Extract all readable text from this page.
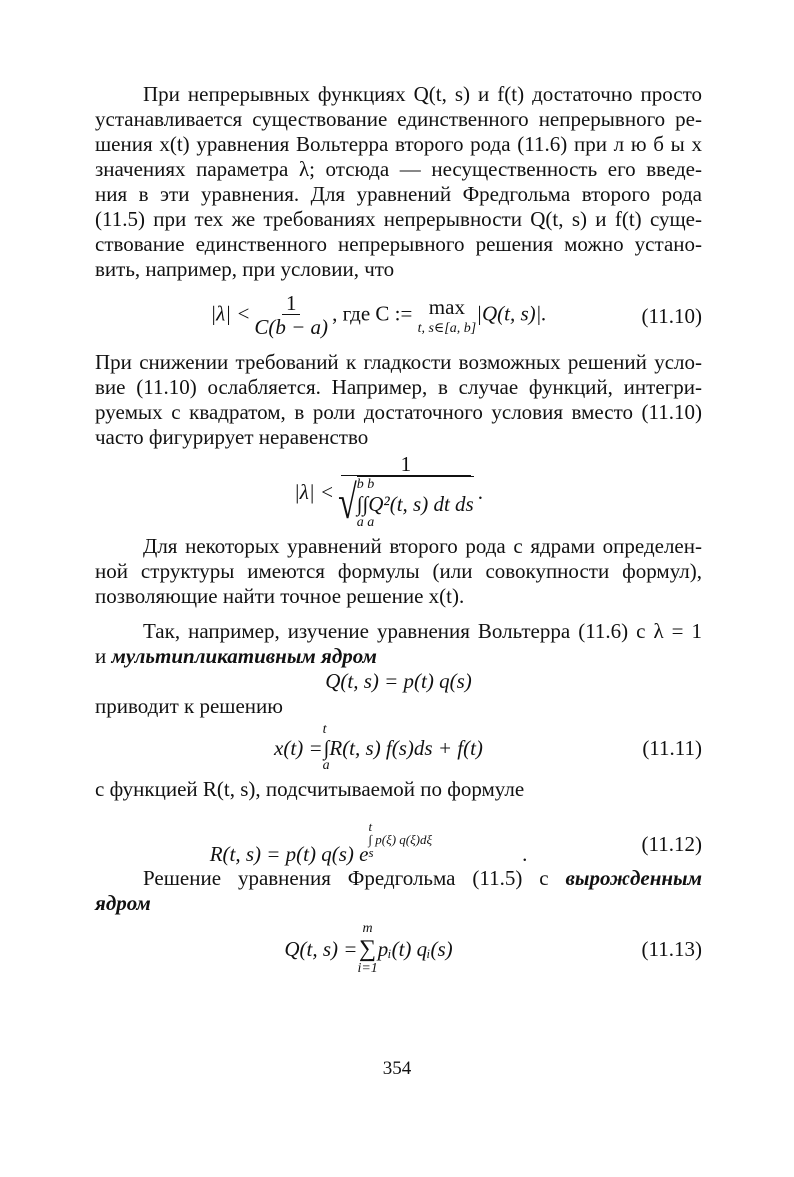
При непрерывных функциях Q(t, s) и f(t) достаточно просто
устанавливается существование единственного непрерывного ре-
шения x(t) уравнения Вольтерра второго рода (11.6) при л ю б ы х
значениях параметра λ; отсюда — несущественность его введе-
ния в эти уравнения. Для уравнений Фредгольма второго рода
(11.5) при тех же требованиях непрерывности Q(t, s) и f(t) суще-
ствование единственного непрерывного решения можно устано-
вить, например, при условии, что
$|\lambda| < \frac{1}{C(b - a)}$ , где C := max
t, s∈[a, b]
|Q(t, s)|.	(11.10)
При снижении требований к гладкости возможных решений усло-
вие (11.10) ослабляется. Например, в случае функций, интегри-
руемых с квадратом, в роли достаточного условия вместо (11.10)
часто фигурирует неравенство
|λ| < 1
√ b b
∫∫Q²(t, s) dt ds
a a .
Для некоторых уравнений второго рода с ядрами определен-
ной структуры имеются формулы (или совокупности формул),
позволяющие найти точное решение x(t).
Так, например, изучение уравнения Вольтерра (11.6) с λ = 1
и мультипликативным ядром
Q(t, s) = p(t) q(s)
приводит к решению
x(t) =
t
a
∫R(t, s) f(s)ds + f(t)	(11.11)
с функцией R(t, s), подсчитываемой по формуле
R(t, s) = p(t) q(s) e
t
∫ p(ξ) q(ξ)dξ
s	.	(11.12)
Решение уравнения Фредгольма (11.5) с вырожденным
ядром
Q(t, s) =
m
∑
i=1
pᵢ(t) qᵢ(s)	(11.13)
354
